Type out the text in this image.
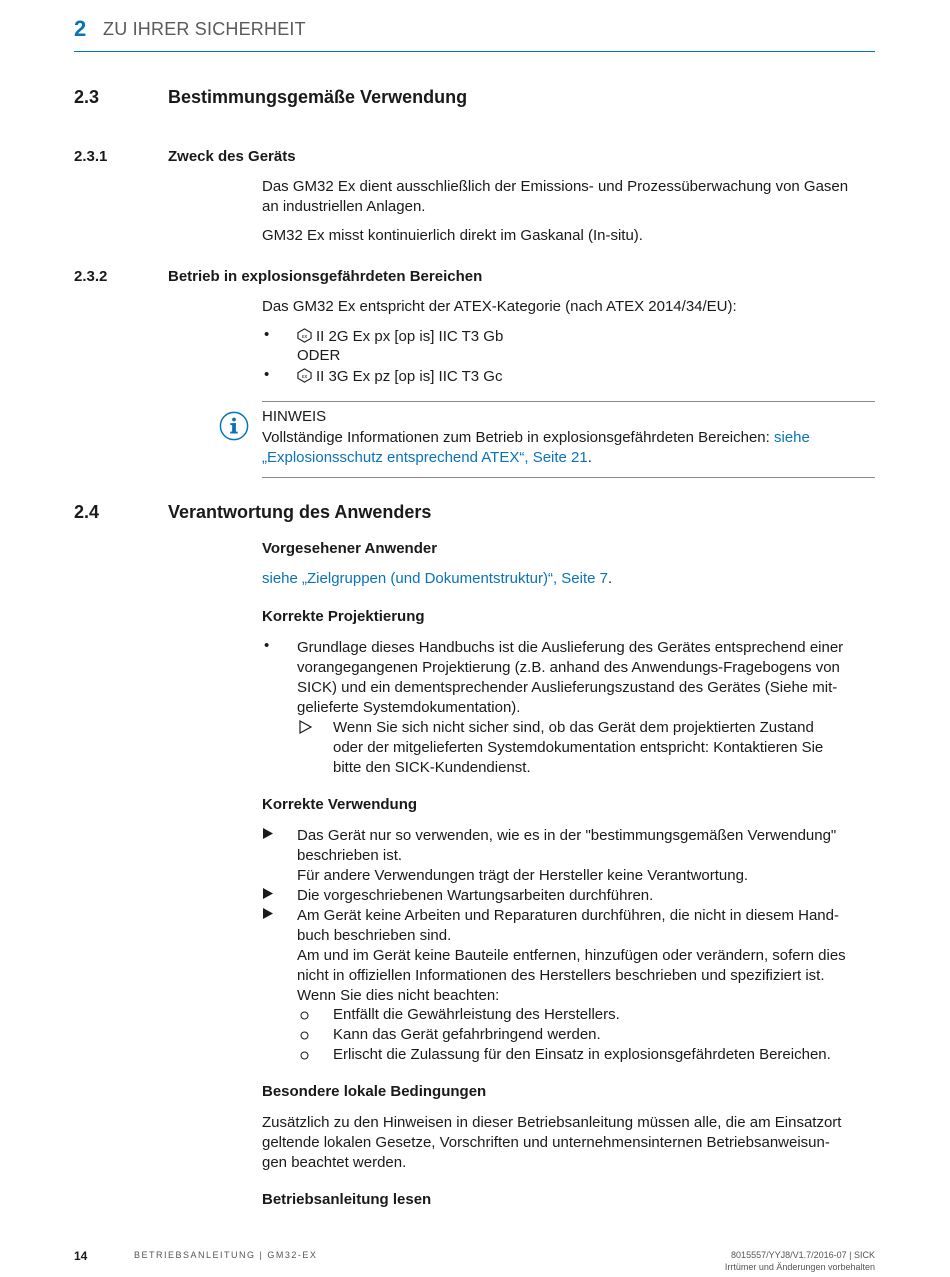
2 ZU IHRER SICHERHEIT
2.3	Bestimmungsgemäße Verwendung
2.3.1	Zweck des Geräts
Das GM32 Ex dient ausschließlich der Emissions- und Prozessüberwachung von Gasen
an industriellen Anlagen.
GM32 Ex misst kontinuierlich direkt im Gaskanal (In-situ).
2.3.2	Betrieb in explosionsgefährdeten Bereichen
Das GM32 Ex entspricht der ATEX-Kategorie (nach ATEX 2014/34/EU):
•	εx II 2G Ex px [op is] IIC T3 Gb
ODER
•	εx II 3G Ex pz [op is] IIC T3 Gc
HINWEIS
Vollständige Informationen zum Betrieb in explosionsgefährdeten Bereichen: siehe
„Explosionsschutz entsprechend ATEX“, Seite 21.
2.4	Verantwortung des Anwenders
Vorgesehener Anwender
siehe „Zielgruppen (und Dokumentstruktur)“, Seite 7.
Korrekte Projektierung
• Grundlage dieses Handbuchs ist die Auslieferung des Gerätes entsprechend einer
vorangegangenen Projektierung (z.B. anhand des Anwendungs-Fragebogens von
SICK) und ein dementsprechender Auslieferungszustand des Gerätes (Siehe mit-
gelieferte Systemdokumentation).
Wenn Sie sich nicht sicher sind, ob das Gerät dem projektierten Zustand
oder der mitgelieferten Systemdokumentation entspricht: Kontaktieren Sie
bitte den SICK-Kundendienst.
Korrekte Verwendung
Das Gerät nur so verwenden, wie es in der "bestimmungsgemäßen Verwendung"
beschrieben ist.
Für andere Verwendungen trägt der Hersteller keine Verantwortung.
Die vorgeschriebenen Wartungsarbeiten durchführen.
Am Gerät keine Arbeiten und Reparaturen durchführen, die nicht in diesem Hand-
buch beschrieben sind.
Am und im Gerät keine Bauteile entfernen, hinzufügen oder verändern, sofern dies
nicht in offiziellen Informationen des Herstellers beschrieben und spezifiziert ist.
Wenn Sie dies nicht beachten:
Entfällt die Gewährleistung des Herstellers.
Kann das Gerät gefahrbringend werden.
Erlischt die Zulassung für den Einsatz in explosionsgefährdeten Bereichen.
Besondere lokale Bedingungen
Zusätzlich zu den Hinweisen in dieser Betriebsanleitung müssen alle, die am Einsatzort
geltende lokalen Gesetze, Vorschriften und unternehmensinternen Betriebsanweisun-
gen beachtet werden.
Betriebsanleitung lesen
14	BETRIEBSANLEITUNG | GM32-EX	8015557/YYJ8/V1.7/2016-07 | SICK
Irrtümer und Änderungen vorbehalten
